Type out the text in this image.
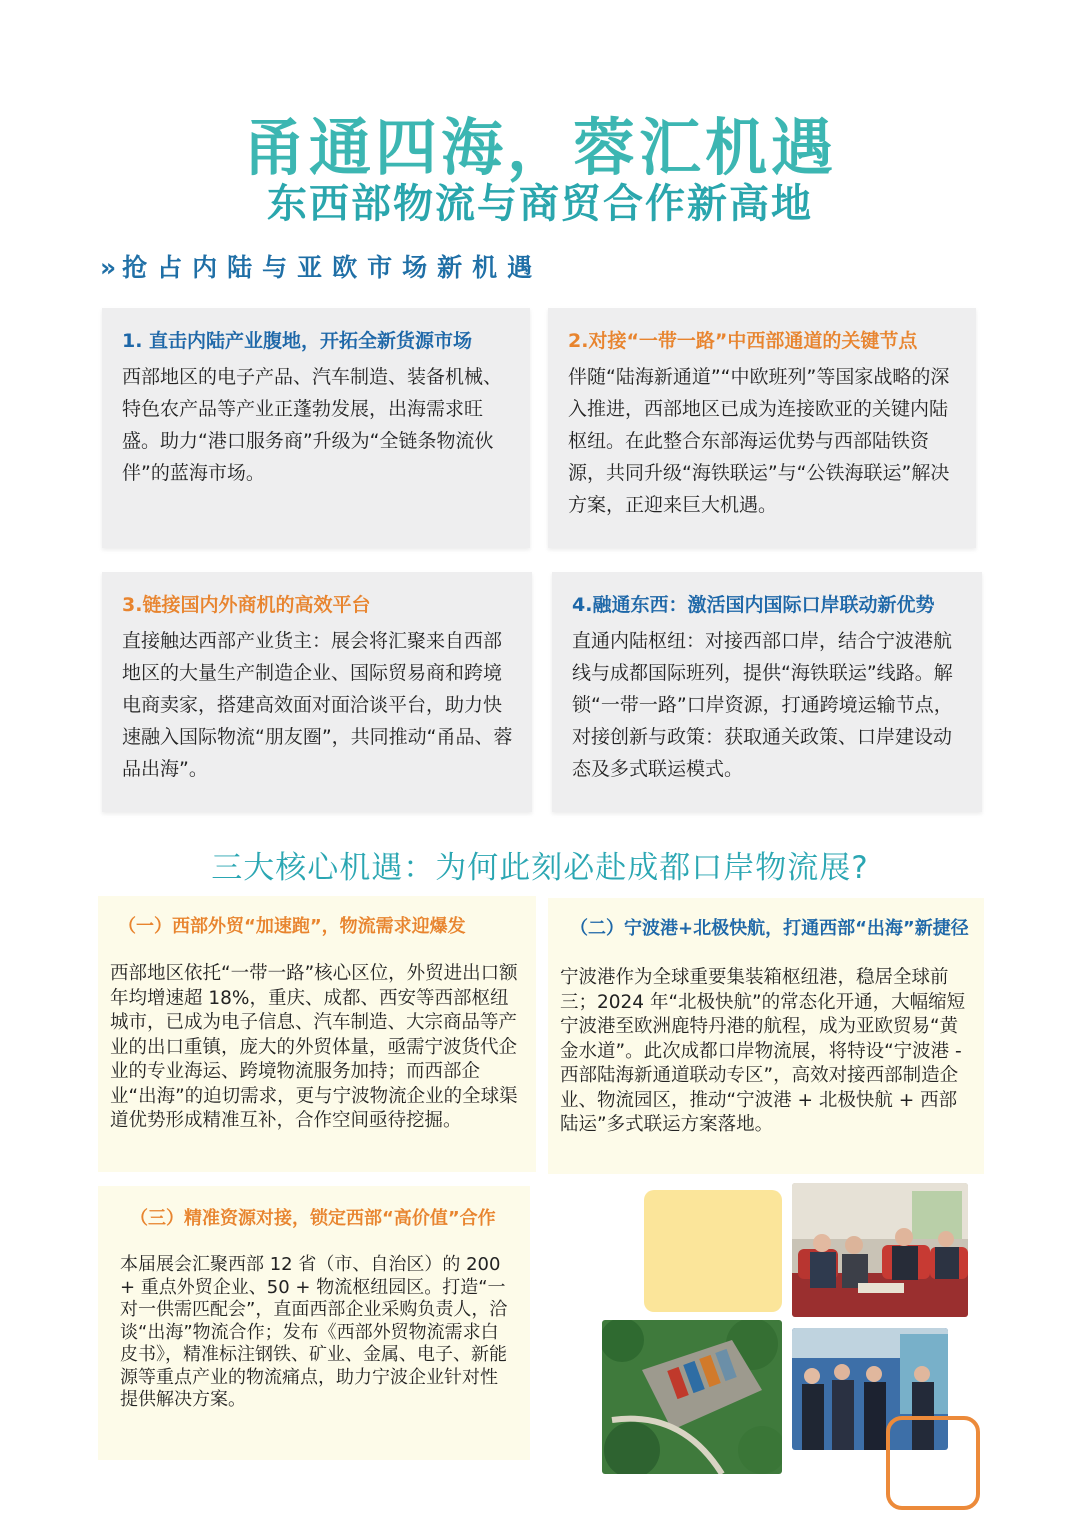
甬通四海，蓉汇机遇
东西部物流与商贸合作新高地
» 抢占内陆与亚欧市场新机遇
1. 直击内陆产业腹地，开拓全新货源市场
西部地区的电子产品、汽车制造、装备机械、特色农产品等产业正蓬勃发展，出海需求旺盛。助力“港口服务商”升级为“全链条物流伙伴”的蓝海市场。
2.对接“一带一路”中西部通道的关键节点
伴随“陆海新通道”“中欧班列”等国家战略的深入推进，西部地区已成为连接欧亚的关键内陆枢纽。在此整合东部海运优势与西部陆铁资源，共同升级“海铁联运”与“公铁海联运”解决方案，正迎来巨大机遇。
3.链接国内外商机的高效平台
直接触达西部产业货主：展会将汇聚来自西部地区的大量生产制造企业、国际贸易商和跨境电商卖家，搭建高效面对面洽谈平台，助力快速融入国际物流“朋友圈”，共同推动“甬品、蓉品出海”。
4.融通东西：激活国内国际口岸联动新优势
直通内陆枢纽：对接西部口岸，结合宁波港航线与成都国际班列，提供“海铁联运”线路。解锁“一带一路”口岸资源，打通跨境运输节点，对接创新与政策：获取通关政策、口岸建设动态及多式联运模式。
三大核心机遇：为何此刻必赴成都口岸物流展?
（一）西部外贸“加速跑”，物流需求迎爆发
西部地区依托“一带一路”核心区位，外贸进出口额年均增速超 18%，重庆、成都、西安等西部枢纽城市，已成为电子信息、汽车制造、大宗商品等产业的出口重镇，庞大的外贸体量，亟需宁波货代企业的专业海运、跨境物流服务加持；而西部企业“出海”的迫切需求，更与宁波物流企业的全球渠道优势形成精准互补，合作空间亟待挖掘。
（二）宁波港+北极快航，打通西部“出海”新捷径
宁波港作为全球重要集装箱枢纽港，稳居全球前三；2024 年“北极快航”的常态化开通，大幅缩短宁波港至欧洲鹿特丹港的航程，成为亚欧贸易“黄金水道”。此次成都口岸物流展，将特设“宁波港 - 西部陆海新通道联动专区”，高效对接西部制造企业、物流园区，推动“宁波港 + 北极快航 + 西部陆运”多式联运方案落地。
（三）精准资源对接，锁定西部“高价值”合作
本届展会汇聚西部 12 省（市、自治区）的 200 + 重点外贸企业、50 + 物流枢纽园区。打造“一对一供需匹配会”，直面西部企业采购负责人，洽谈“出海”物流合作；发布《西部外贸物流需求白皮书》，精准标注钢铁、矿业、金属、电子、新能源等重点产业的物流痛点，助力宁波企业针对性提供解决方案。
